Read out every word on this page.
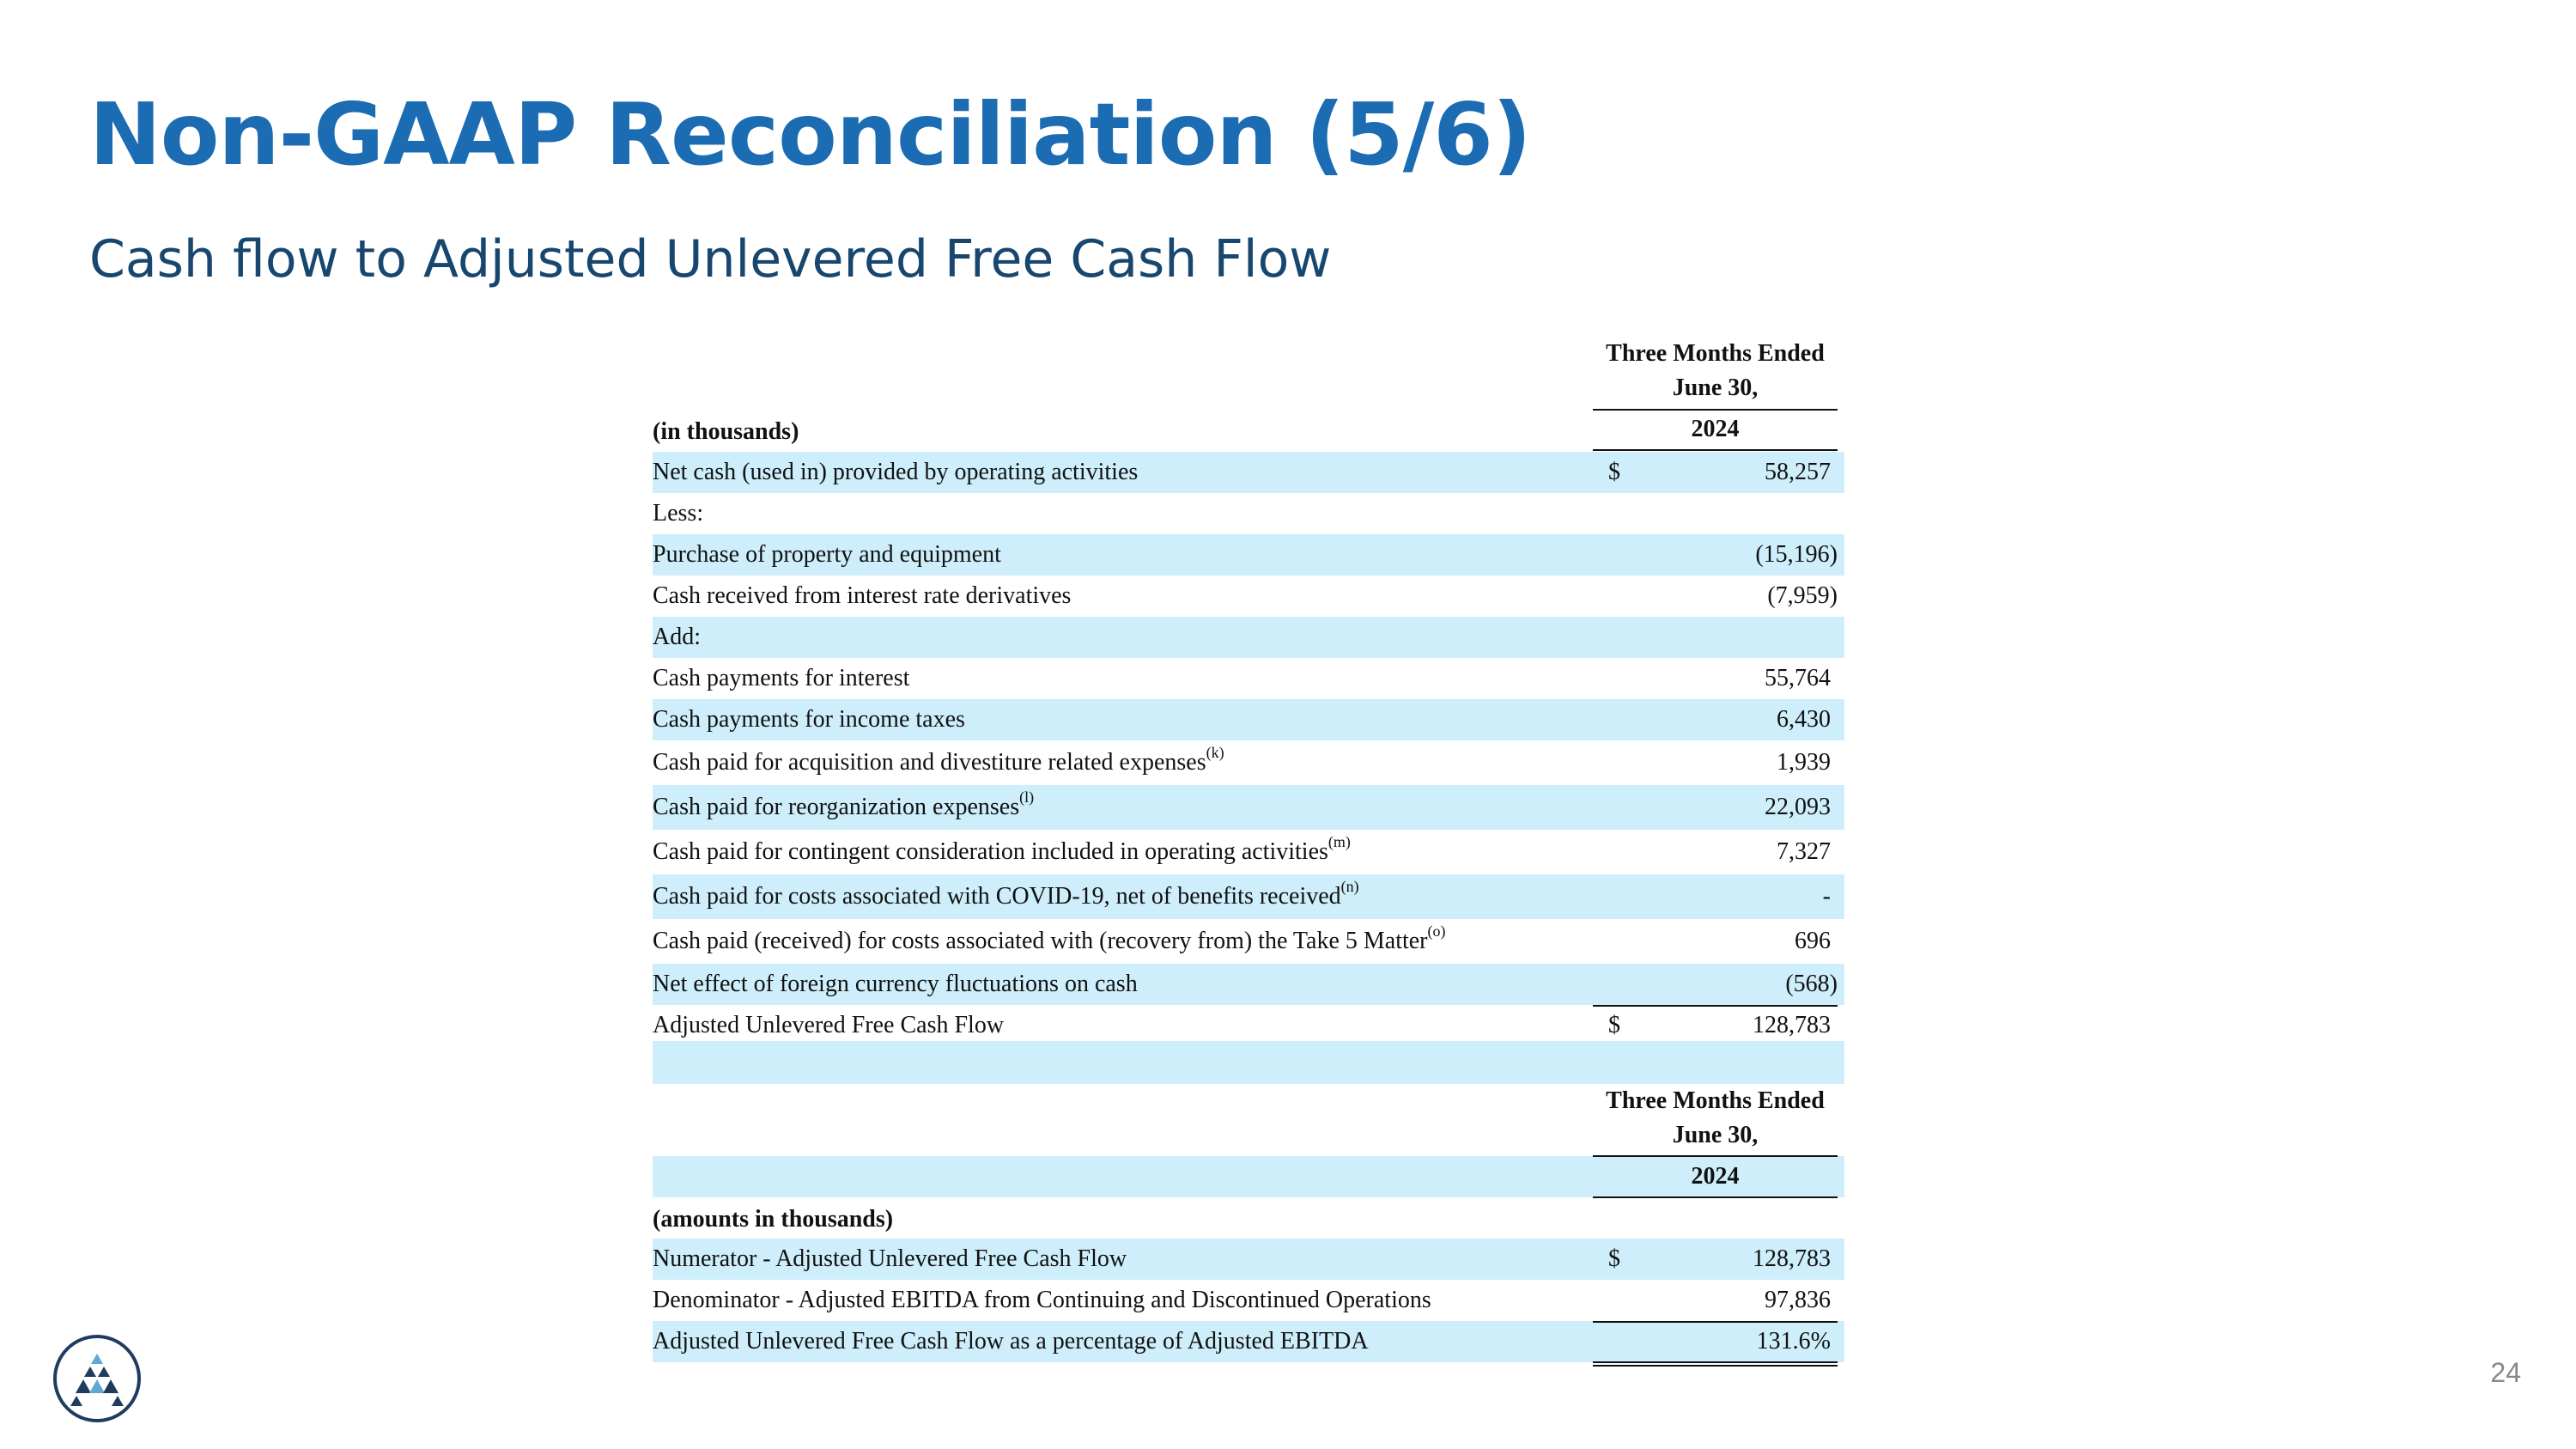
Non-GAAP Reconciliation (5/6)
Cash flow to Adjusted Unlevered Free Cash Flow
Three Months Ended
June 30,
(in thousands)	2024
Net cash (used in) provided by operating activities	$	58,257
Less:
Purchase of property and equipment	(15,196)
Cash received from interest rate derivatives	(7,959)
Add:
Cash payments for interest	55,764
Cash payments for income taxes	6,430
Cash paid for acquisition and divestiture related expenses$^{(k)}$	1,939
Cash paid for reorganization expenses$^{(l)}$	22,093
Cash paid for contingent consideration included in operating activities$^{(m)}$	7,327
Cash paid for costs associated with COVID-19, net of benefits received$^{(n)}$	-
Cash paid (received) for costs associated with (recovery from) the Take 5 Matter$^{(o)}$	696
Net effect of foreign currency fluctuations on cash	(568)
Adjusted Unlevered Free Cash Flow	$	128,783
Three Months Ended
June 30,
2024
(amounts in thousands)
Numerator - Adjusted Unlevered Free Cash Flow	$	128,783
Denominator - Adjusted EBITDA from Continuing and Discontinued Operations	97,836
Adjusted Unlevered Free Cash Flow as a percentage of Adjusted EBITDA	131.6%
24
